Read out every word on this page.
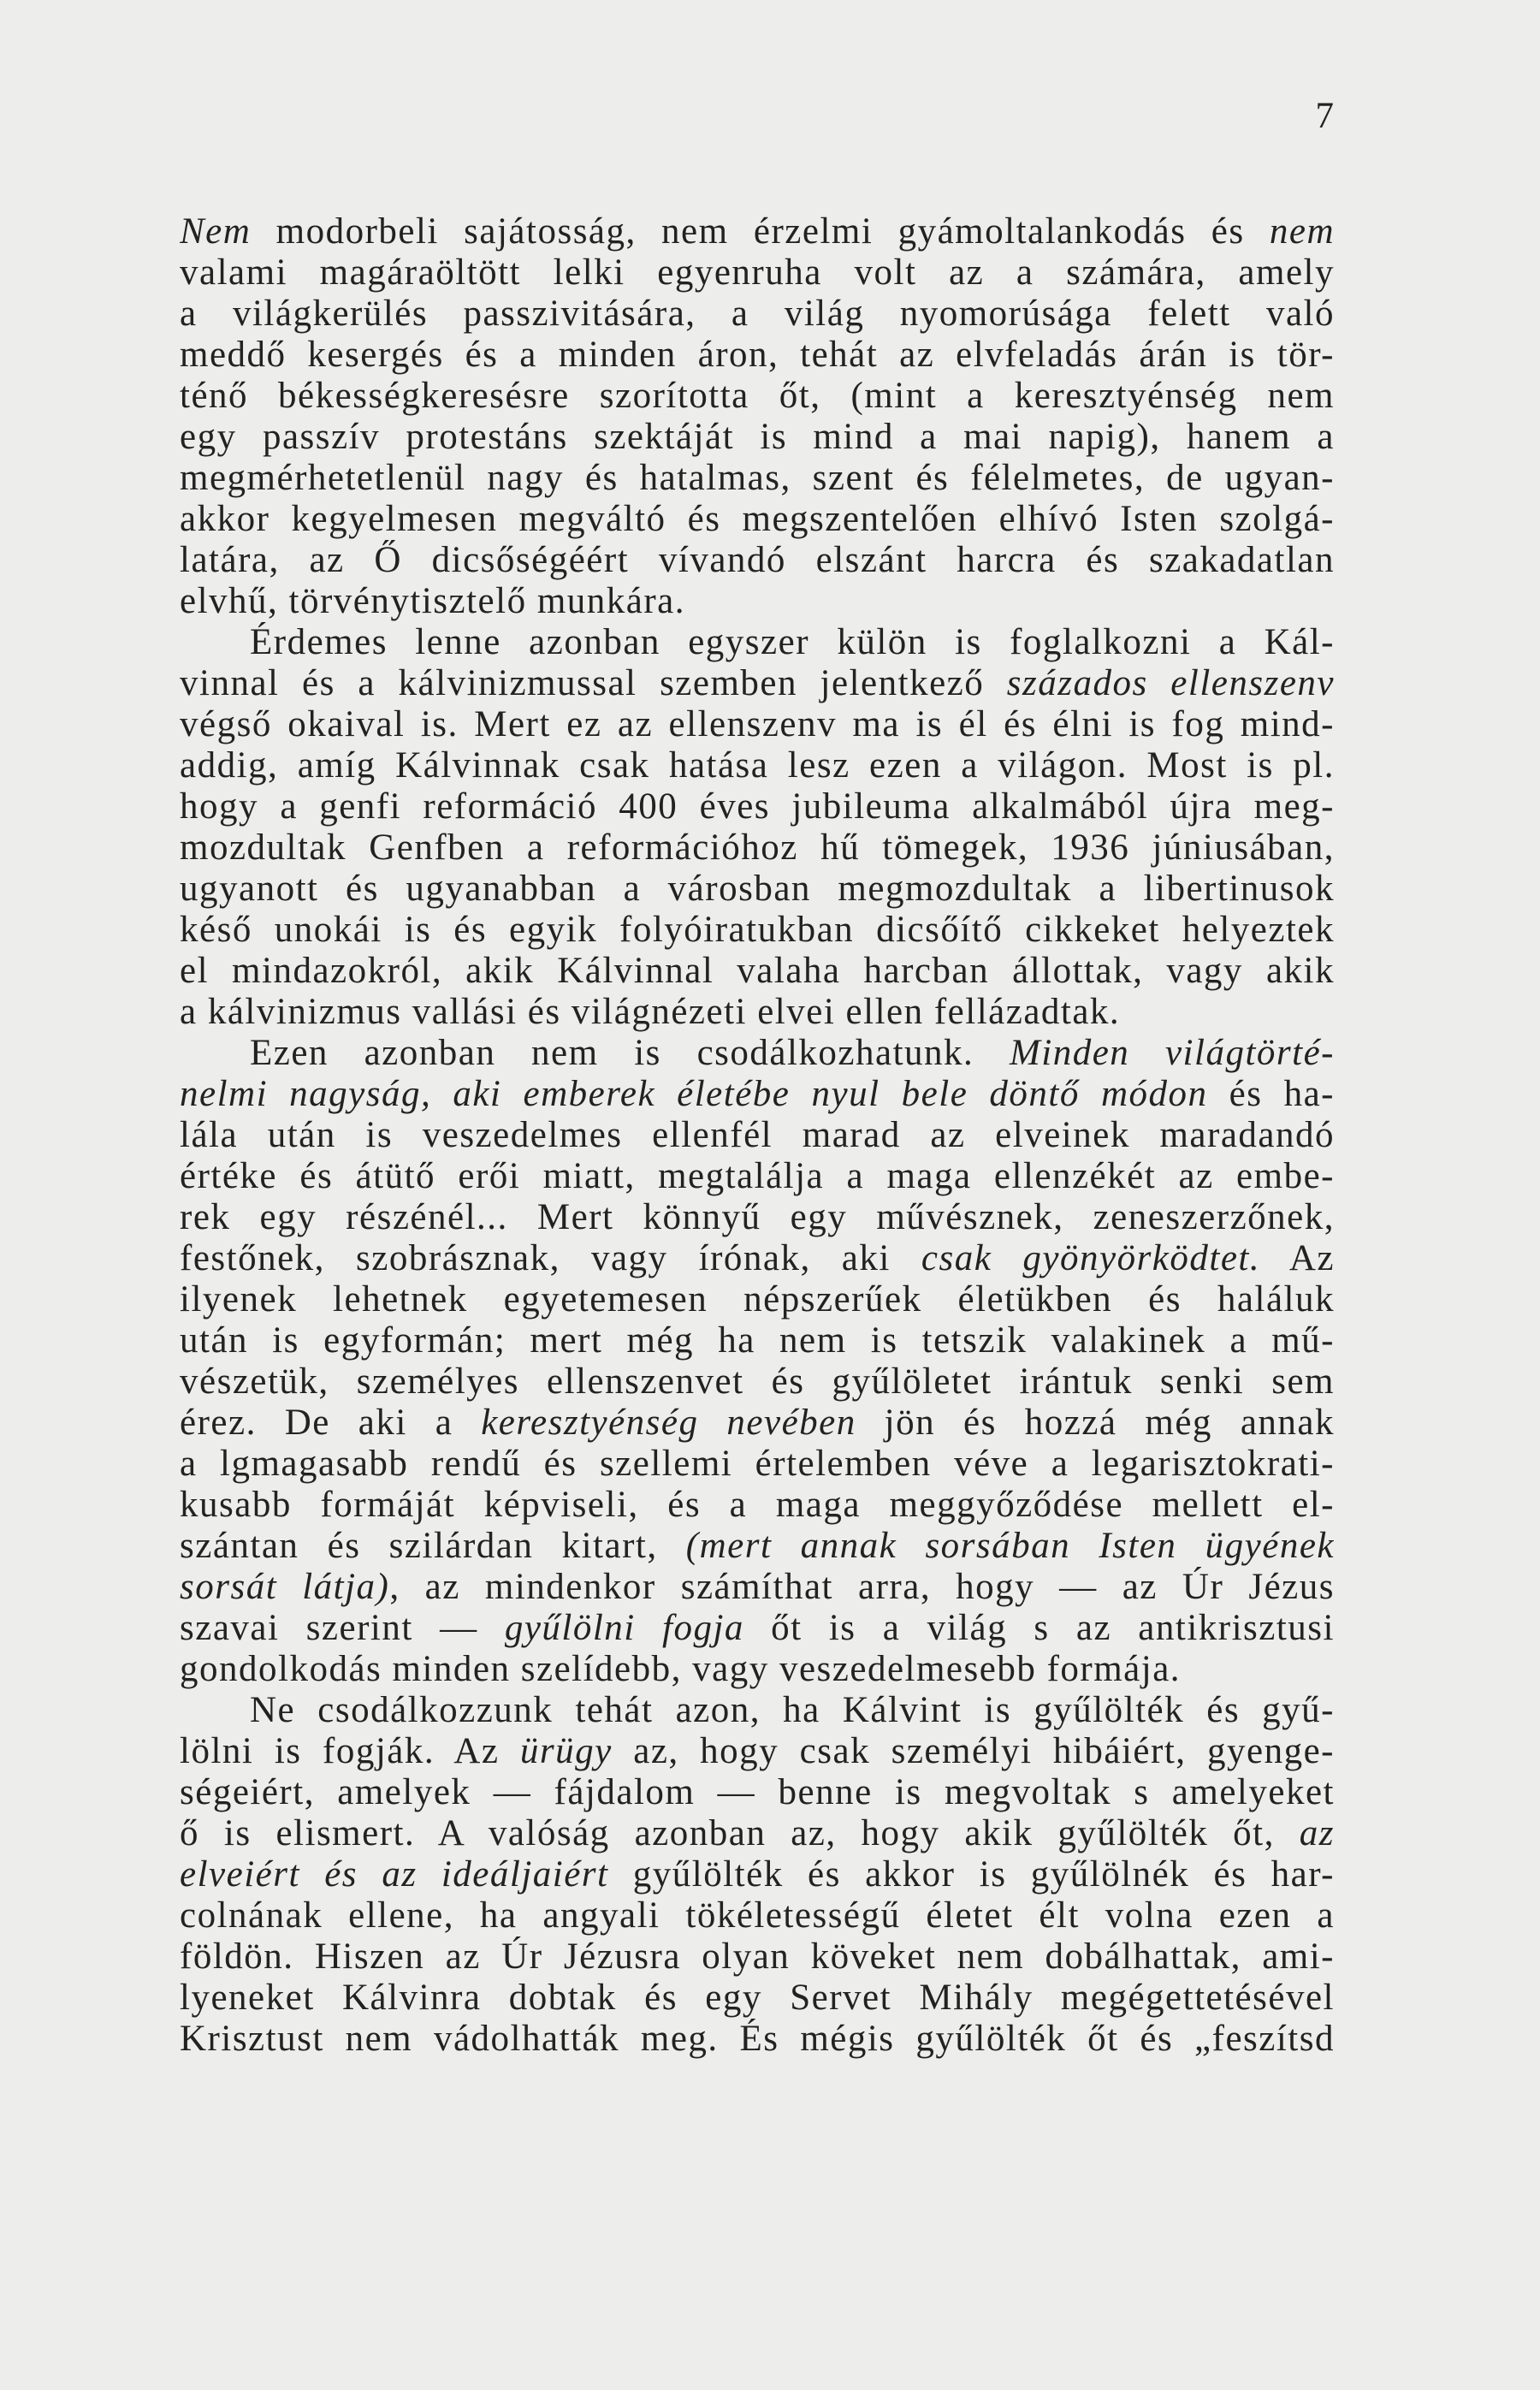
7
Nem modorbeli sajátosság, nem érzelmi gyámoltalankodás és nem
valami magáraöltött lelki egyenruha volt az a számára, amely
a világkerülés passzivitására, a világ nyomorúsága felett való
meddő kesergés és a minden áron, tehát az elvfeladás árán is tör-
ténő békességkeresésre szorította őt, (mint a keresztyénség nem
egy passzív protestáns szektáját is mind a mai napig), hanem a
megmérhetetlenül nagy és hatalmas, szent és félelmetes, de ugyan-
akkor kegyelmesen megváltó és megszentelően elhívó Isten szolgá-
latára, az Ő dicsőségéért vívandó elszánt harcra és szakadatlan
elvhű, törvénytisztelő munkára.
Érdemes lenne azonban egyszer külön is foglalkozni a Kál-
vinnal és a kálvinizmussal szemben jelentkező százados ellenszenv
végső okaival is. Mert ez az ellenszenv ma is él és élni is fog mind-
addig, amíg Kálvinnak csak hatása lesz ezen a világon. Most is pl.
hogy a genfi reformáció 400 éves jubileuma alkalmából újra meg-
mozdultak Genfben a reformációhoz hű tömegek, 1936 júniusában,
ugyanott és ugyanabban a városban megmozdultak a libertinusok
késő unokái is és egyik folyóiratukban dicsőítő cikkeket helyeztek
el mindazokról, akik Kálvinnal valaha harcban állottak, vagy akik
a kálvinizmus vallási és világnézeti elvei ellen fellázadtak.
Ezen azonban nem is csodálkozhatunk. Minden világtörté-
nelmi nagyság, aki emberek életébe nyul bele döntő módon és ha-
lála után is veszedelmes ellenfél marad az elveinek maradandó
értéke és átütő erői miatt, megtalálja a maga ellenzékét az embe-
rek egy részénél... Mert könnyű egy művésznek, zeneszerzőnek,
festőnek, szobrásznak, vagy írónak, aki csak gyönyörködtet. Az
ilyenek lehetnek egyetemesen népszerűek életükben és haláluk
után is egyformán; mert még ha nem is tetszik valakinek a mű-
vészetük, személyes ellenszenvet és gyűlöletet irántuk senki sem
érez. De aki a keresztyénség nevében jön és hozzá még annak
a lgmagasabb rendű és szellemi értelemben véve a legarisztokrati-
kusabb formáját képviseli, és a maga meggyőződése mellett el-
szántan és szilárdan kitart, (mert annak sorsában Isten ügyének
sorsát látja), az mindenkor számíthat arra, hogy — az Úr Jézus
szavai szerint — gyűlölni fogja őt is a világ s az antikrisztusi
gondolkodás minden szelídebb, vagy veszedelmesebb formája.
Ne csodálkozzunk tehát azon, ha Kálvint is gyűlölték és gyű-
lölni is fogják. Az ürügy az, hogy csak személyi hibáiért, gyenge-
ségeiért, amelyek — fájdalom — benne is megvoltak s amelyeket
ő is elismert. A valóság azonban az, hogy akik gyűlölték őt, az
elveiért és az ideáljaiért gyűlölték és akkor is gyűlölnék és har-
colnának ellene, ha angyali tökéletességű életet élt volna ezen a
földön. Hiszen az Úr Jézusra olyan köveket nem dobálhattak, ami-
lyeneket Kálvinra dobtak és egy Servet Mihály megégettetésével
Krisztust nem vádolhatták meg. És mégis gyűlölték őt és „feszítsd
